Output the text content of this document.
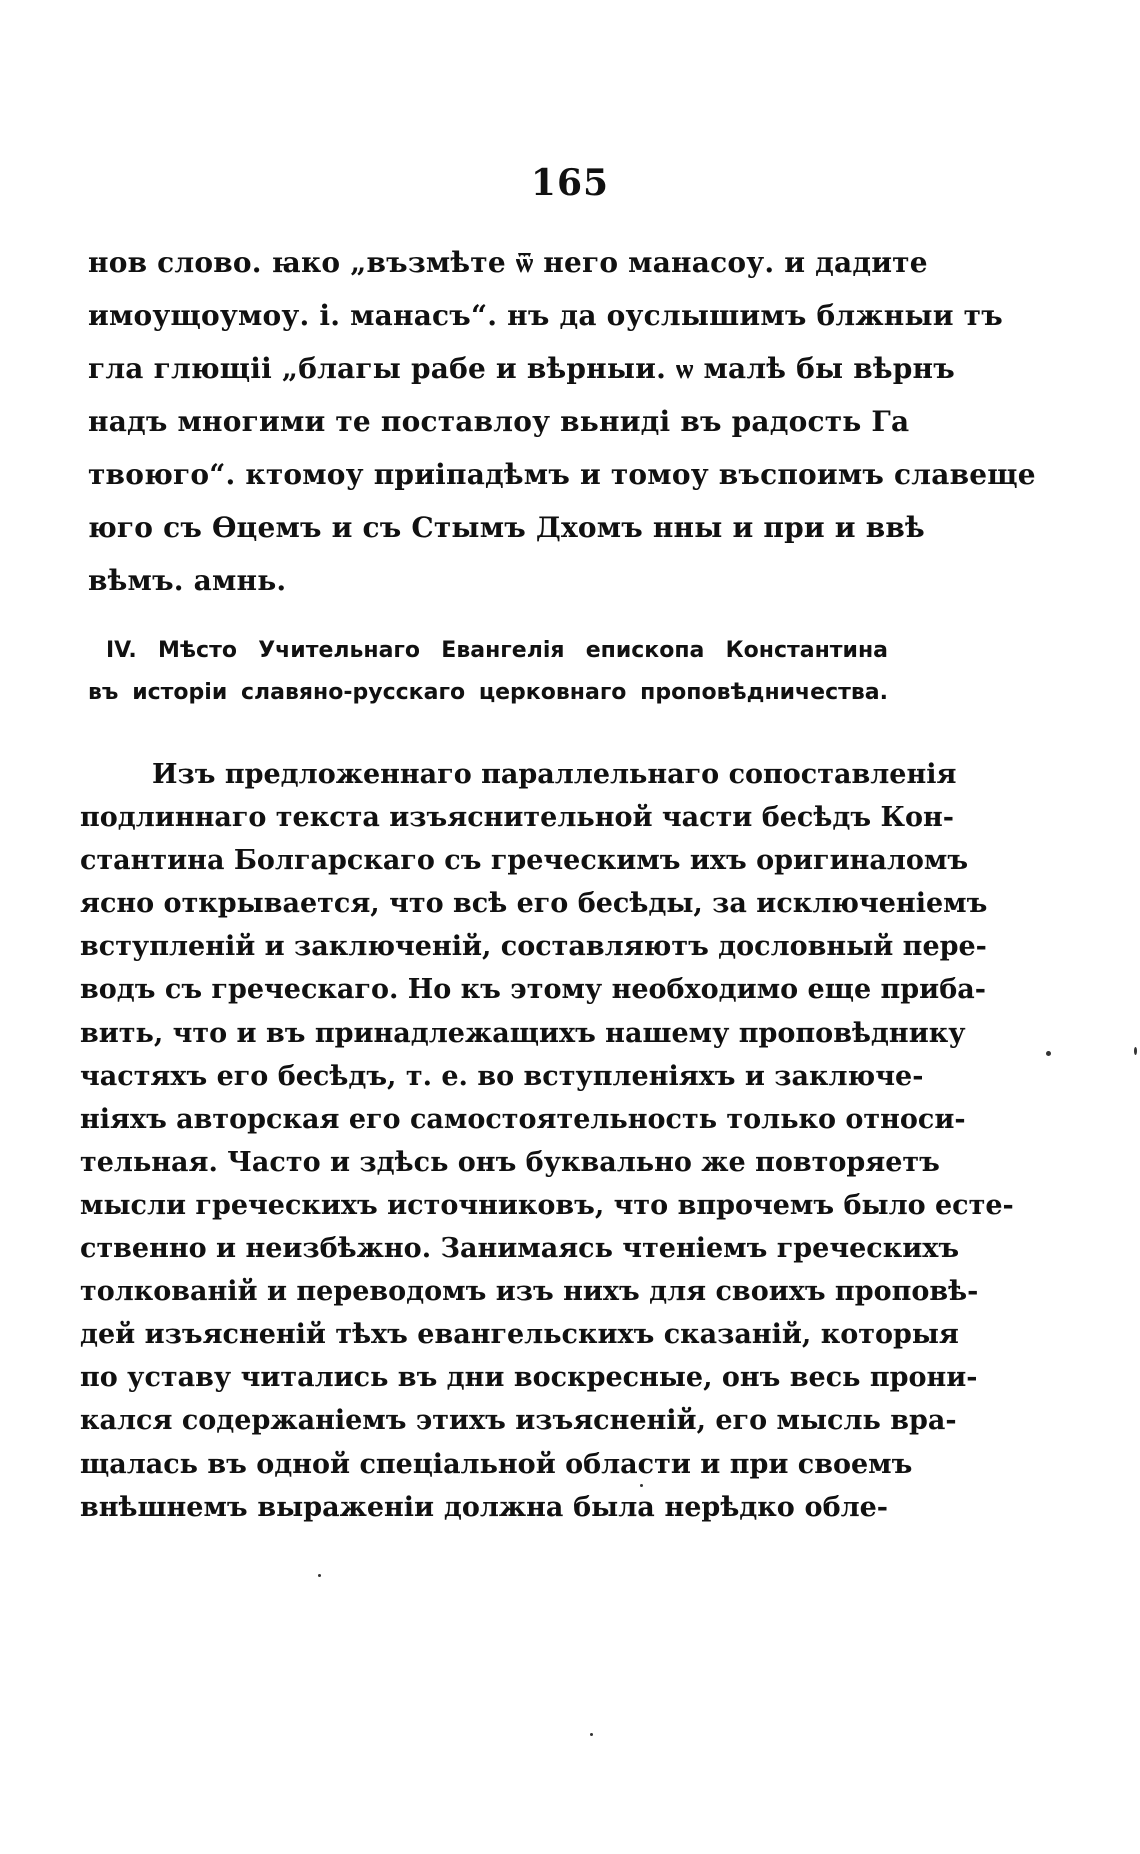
165
нов слово. ꙗко „възмѣте ѿ него манасоу. и дадите
имоущоумоу. і. манасъ“. нъ да оуслышимъ блжныи тъ
гла глющіі „благы рабе и вѣрныи. ѡ малѣ бы вѣрнъ
надъ многими те поставлоу вьниді въ радость Гa
твоюго“. ктомоу приіпадѣмъ и томоу въспоимъ славеще
юго съ Ѳцемъ и съ Стымъ Дхомъ нны и при и ввѣ
вѣмъ. амнь.
IV. Мѣсто Учительнаго Евангелія епископа Константина
въ исторіи славяно-русскаго церковнаго проповѣдничества.
Изъ предложеннаго параллельнаго сопоставленія
подлиннаго текста изъяснительной части бесѣдъ Кон-
стантина Болгарскаго съ греческимъ ихъ оригиналомъ
ясно открывается, что всѣ его бесѣды, за исключеніемъ
вступленій и заключеній, составляютъ дословный пере-
водъ съ греческаго. Но къ этому необходимо еще приба-
вить, что и въ принадлежащихъ нашему проповѣднику
частяхъ его бесѣдъ, т. е. во вступленіяхъ и заключе-
ніяхъ авторская его самостоятельность только относи-
тельная. Часто и здѣсь онъ буквально же повторяетъ
мысли греческихъ источниковъ, что впрочемъ было есте-
ственно и неизбѣжно. Занимаясь чтеніемъ греческихъ
толкованій и переводомъ изъ нихъ для своихъ проповѣ-
дей изъясненій тѣхъ евангельскихъ сказаній, которыя
по уставу читались въ дни воскресные, онъ весь прони-
кался содержаніемъ этихъ изъясненій, его мысль вра-
щалась въ одной спеціальной области и при своемъ
внѣшнемъ выраженіи должна была нерѣдко обле-
